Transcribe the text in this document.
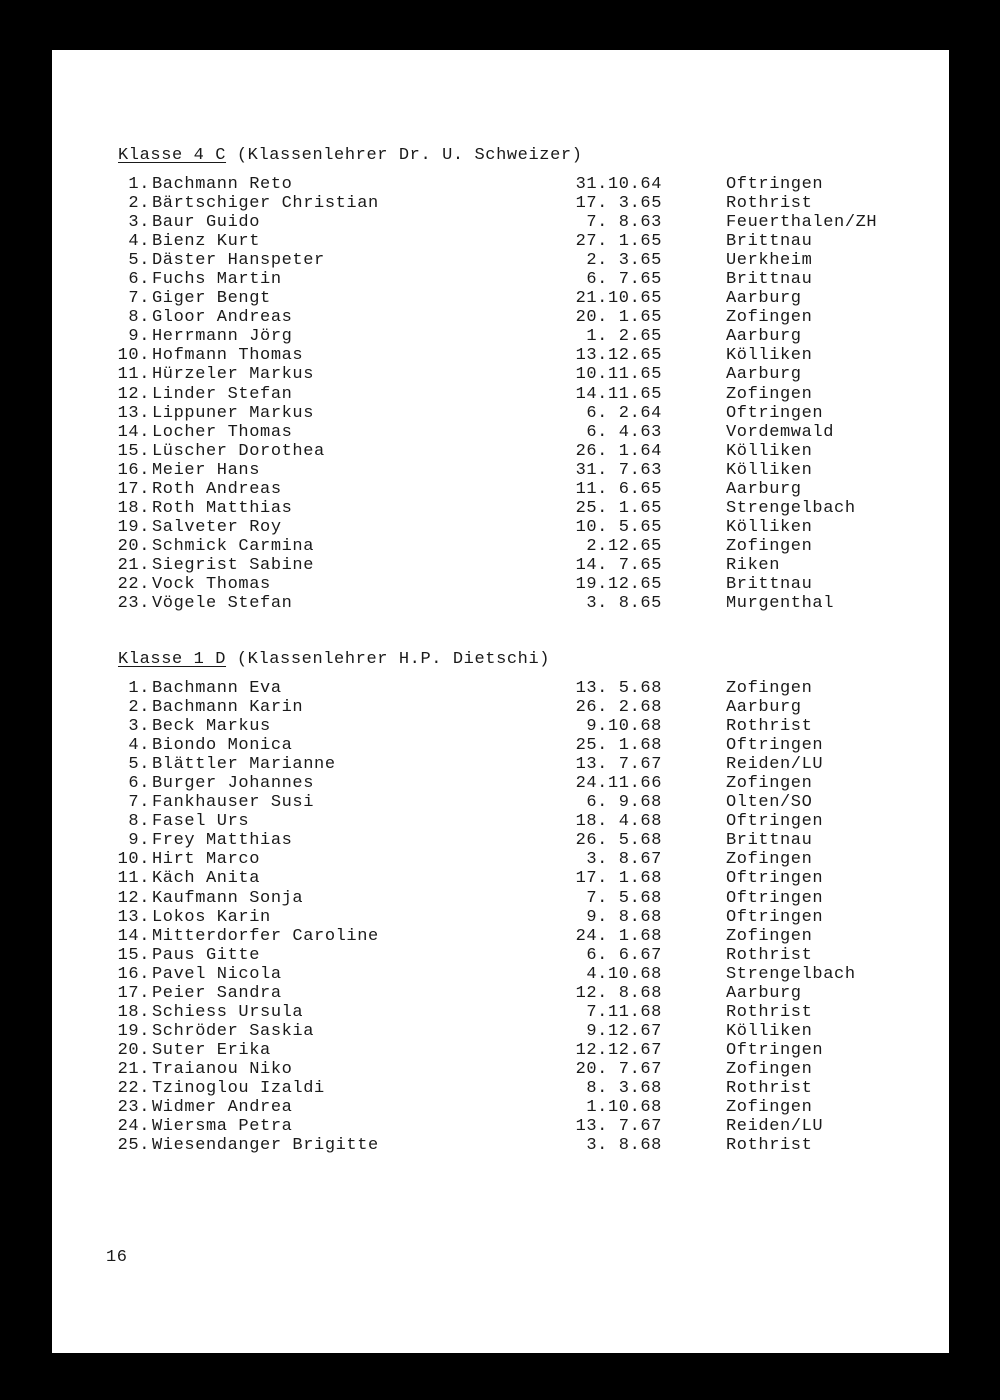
Klasse 4 C (Klassenlehrer Dr. U. Schweizer)
1. Bachmann Reto	31.10.64	Oftringen
2. Bärtschiger Christian	17. 3.65	Rothrist
3. Baur Guido	7. 8.63	Feuerthalen/ZH
4. Bienz Kurt	27. 1.65	Brittnau
5. Däster Hanspeter	2. 3.65	Uerkheim
6. Fuchs Martin	6. 7.65	Brittnau
7. Giger Bengt	21.10.65	Aarburg
8. Gloor Andreas	20. 1.65	Zofingen
9. Herrmann Jörg	1. 2.65	Aarburg
10. Hofmann Thomas	13.12.65	Kölliken
11. Hürzeler Markus	10.11.65	Aarburg
12. Linder Stefan	14.11.65	Zofingen
13. Lippuner Markus	6. 2.64	Oftringen
14. Locher Thomas	6. 4.63	Vordemwald
15. Lüscher Dorothea	26. 1.64	Kölliken
16. Meier Hans	31. 7.63	Kölliken
17. Roth Andreas	11. 6.65	Aarburg
18. Roth Matthias	25. 1.65	Strengelbach
19. Salveter Roy	10. 5.65	Kölliken
20. Schmick Carmina	2.12.65	Zofingen
21. Siegrist Sabine	14. 7.65	Riken
22. Vock Thomas	19.12.65	Brittnau
23. Vögele Stefan	3. 8.65	Murgenthal
Klasse 1 D (Klassenlehrer H.P. Dietschi)
1. Bachmann Eva	13. 5.68	Zofingen
2. Bachmann Karin	26. 2.68	Aarburg
3. Beck Markus	9.10.68	Rothrist
4. Biondo Monica	25. 1.68	Oftringen
5. Blättler Marianne	13. 7.67	Reiden/LU
6. Burger Johannes	24.11.66	Zofingen
7. Fankhauser Susi	6. 9.68	Olten/SO
8. Fasel Urs	18. 4.68	Oftringen
9. Frey Matthias	26. 5.68	Brittnau
10. Hirt Marco	3. 8.67	Zofingen
11. Käch Anita	17. 1.68	Oftringen
12. Kaufmann Sonja	7. 5.68	Oftringen
13. Lokos Karin	9. 8.68	Oftringen
14. Mitterdorfer Caroline	24. 1.68	Zofingen
15. Paus Gitte	6. 6.67	Rothrist
16. Pavel Nicola	4.10.68	Strengelbach
17. Peier Sandra	12. 8.68	Aarburg
18. Schiess Ursula	7.11.68	Rothrist
19. Schröder Saskia	9.12.67	Kölliken
20. Suter Erika	12.12.67	Oftringen
21. Traianou Niko	20. 7.67	Zofingen
22. Tzinoglou Izaldi	8. 3.68	Rothrist
23. Widmer Andrea	1.10.68	Zofingen
24. Wiersma Petra	13. 7.67	Reiden/LU
25. Wiesendanger Brigitte	3. 8.68	Rothrist
16
